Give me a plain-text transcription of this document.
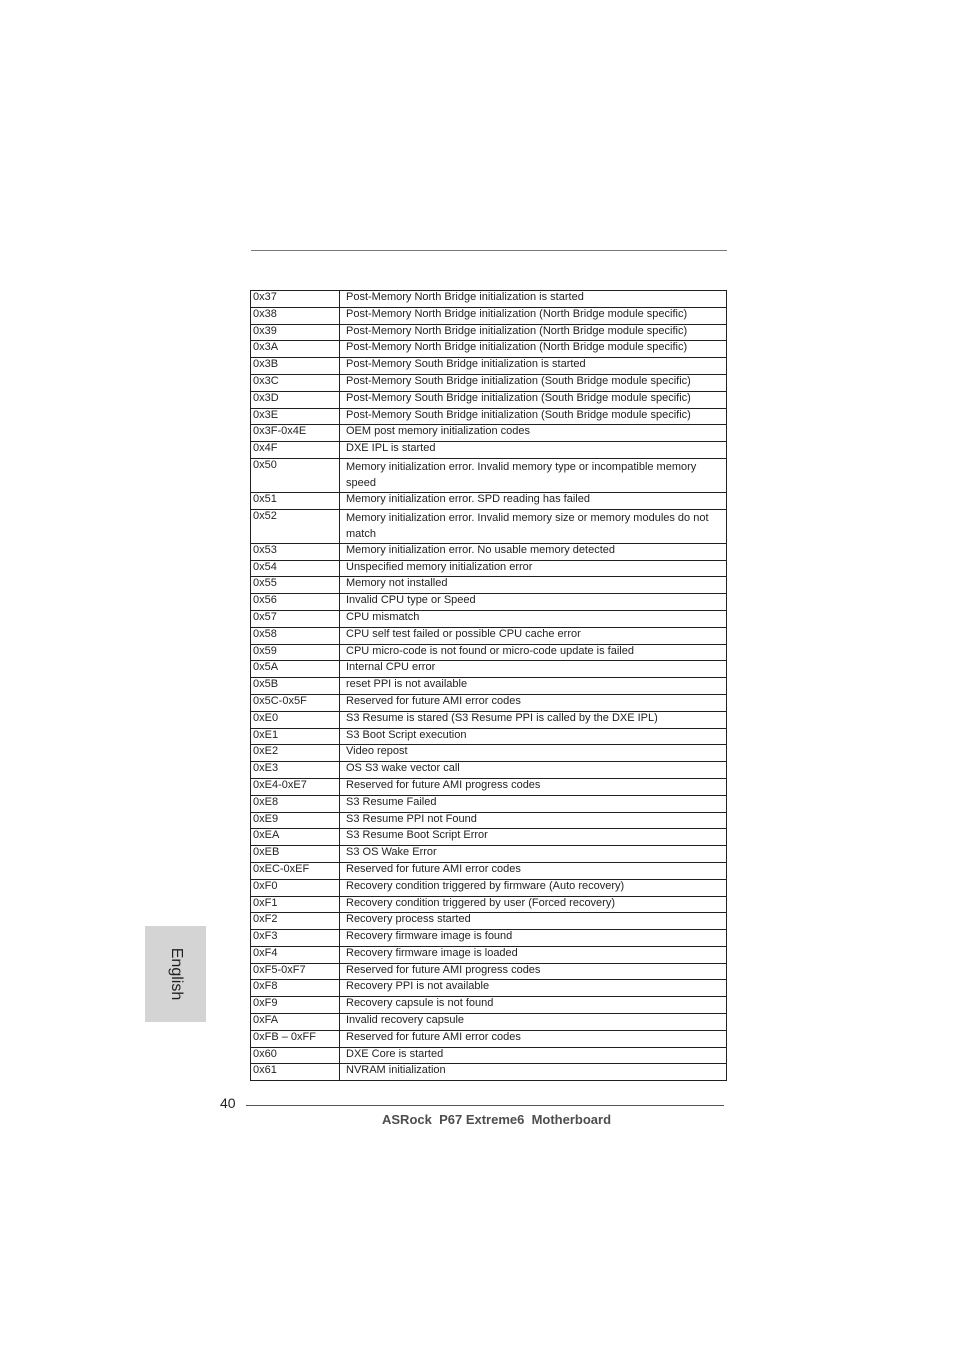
0x37	Post-Memory North Bridge initialization is started
0x38	Post-Memory North Bridge initialization (North Bridge module specific)
0x39	Post-Memory North Bridge initialization (North Bridge module specific)
0x3A	Post-Memory North Bridge initialization (North Bridge module specific)
0x3B	Post-Memory South Bridge initialization is started
0x3C	Post-Memory South Bridge initialization (South Bridge module specific)
0x3D	Post-Memory South Bridge initialization (South Bridge module specific)
0x3E	Post-Memory South Bridge initialization (South Bridge module specific)
0x3F-0x4E	OEM post memory initialization codes
0x4F	DXE IPL is started
0x50	Memory initialization error. Invalid memory type or incompatible memory speed
0x51	Memory initialization error. SPD reading has failed
0x52	Memory initialization error. Invalid memory size or memory modules do not match
0x53	Memory initialization error. No usable memory detected
0x54	Unspecified memory initialization error
0x55	Memory not installed
0x56	Invalid CPU type or Speed
0x57	CPU mismatch
0x58	CPU self test failed or possible CPU cache error
0x59	CPU micro-code is not found or micro-code update is failed
0x5A	Internal CPU error
0x5B	reset PPI is not available
0x5C-0x5F	Reserved for future AMI error codes
0xE0	S3 Resume is stared (S3 Resume PPI is called by the DXE IPL)
0xE1	S3 Boot Script execution
0xE2	Video repost
0xE3	OS S3 wake vector call
0xE4-0xE7	Reserved for future AMI progress codes
0xE8	S3 Resume Failed
0xE9	S3 Resume PPI not Found
0xEA	S3 Resume Boot Script Error
0xEB	S3 OS Wake Error
0xEC-0xEF	Reserved for future AMI error codes
0xF0	Recovery condition triggered by firmware (Auto recovery)
0xF1	Recovery condition triggered by user (Forced recovery)
0xF2	Recovery process started
0xF3	Recovery firmware image is found
0xF4	Recovery firmware image is loaded
0xF5-0xF7	Reserved for future AMI progress codes
0xF8	Recovery PPI is not available
0xF9	Recovery capsule is not found
0xFA	Invalid recovery capsule
0xFB – 0xFF	Reserved for future AMI error codes
0x60	DXE Core is started
0x61	NVRAM initialization
English
40
ASRock  P67 Extreme6  Motherboard
